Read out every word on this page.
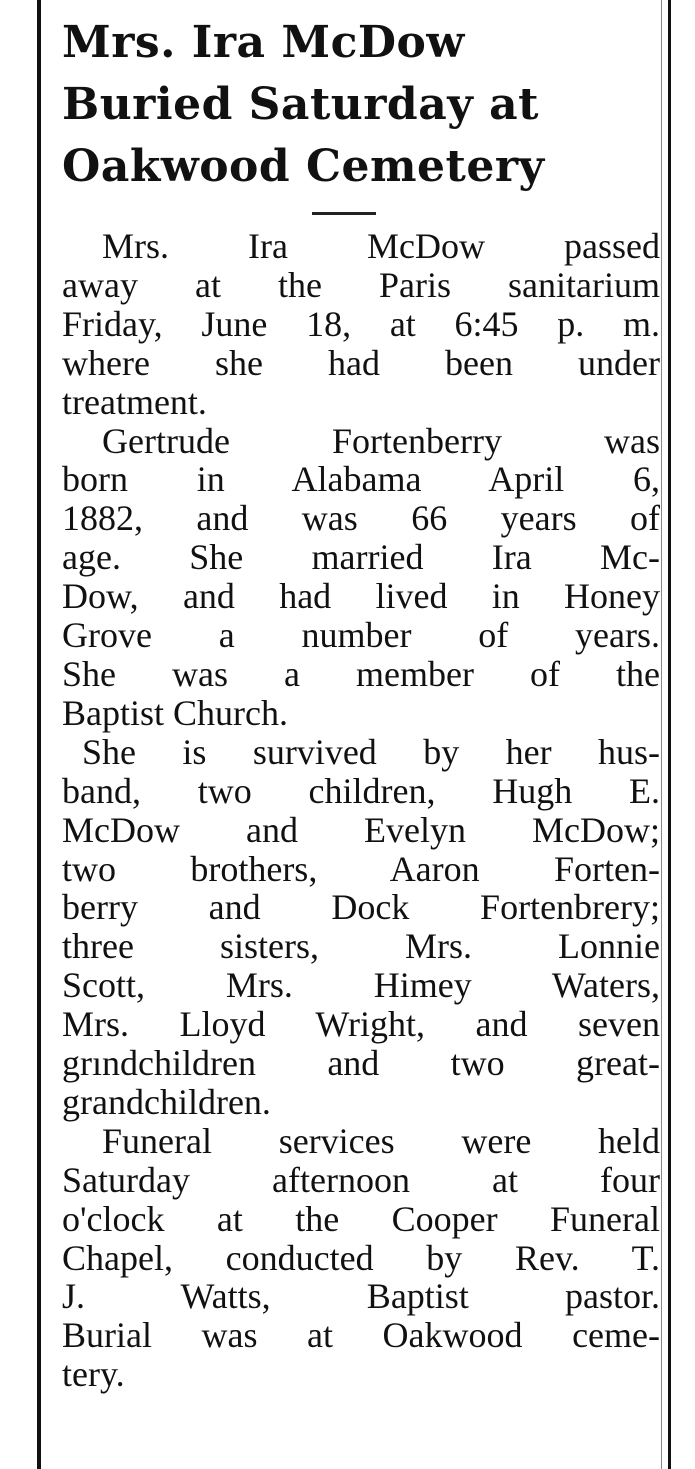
Mrs. Ira McDow
Buried Saturday at
Oakwood Cemetery

Mrs. Ira McDow passed
away at the Paris sanitarium
Friday, June 18, at 6:45 p. m.
where she had been under
treatment.

Gertrude Fortenberry was
born in Alabama April 6,
1882, and was 66 years of
age. She married Ira Mc-
Dow, and had lived in Honey
Grove a number of years.
She was a member of the
Baptist Church.

She is survived by her hus-
band, two children, Hugh E.
McDow and Evelyn McDow;
two brothers, Aaron Forten-
berry and Dock Fortenbrery;
three sisters, Mrs. Lonnie
Scott, Mrs. Himey Waters,
Mrs. Lloyd Wright, and seven
grındchildren and two great-
grandchildren.

Funeral services were held
Saturday afternoon at four
o'clock at the Cooper Funeral
Chapel, conducted by Rev. T.
J. Watts, Baptist pastor.
Burial was at Oakwood ceme-
tery.
